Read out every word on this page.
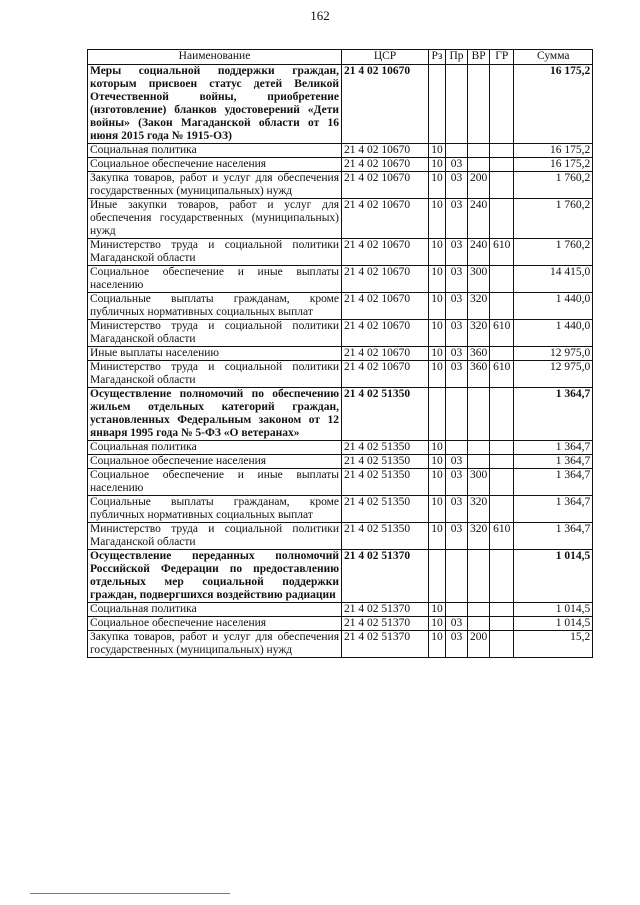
162
Наименование	ЦСР	Рз	Пр	ВР	ГР	Сумма
Меры социальной поддержки граждан, которым присвоен статус детей Великой Отечественной войны, приобретение (изготовление) бланков удостоверений «Дети войны» (Закон Магаданской области от 16 июня 2015 года № 1915-ОЗ)	21 4 02 10670					16 175,2
Социальная политика	21 4 02 10670	10				16 175,2
Социальное обеспечение населения	21 4 02 10670	10	03			16 175,2
Закупка товаров, работ и услуг для обеспечения государственных (муниципальных) нужд	21 4 02 10670	10	03	200		1 760,2
Иные закупки товаров, работ и услуг для обеспечения государственных (муниципальных) нужд	21 4 02 10670	10	03	240		1 760,2
Министерство труда и социальной политики Магаданской области	21 4 02 10670	10	03	240	610	1 760,2
Социальное обеспечение и иные выплаты населению	21 4 02 10670	10	03	300		14 415,0
Социальные выплаты гражданам, кроме публичных нормативных социальных выплат	21 4 02 10670	10	03	320		1 440,0
Министерство труда и социальной политики Магаданской области	21 4 02 10670	10	03	320	610	1 440,0
Иные выплаты населению	21 4 02 10670	10	03	360		12 975,0
Министерство труда и социальной политики Магаданской области	21 4 02 10670	10	03	360	610	12 975,0
Осуществление полномочий по обеспечению жильем отдельных категорий граждан, установленных Федеральным законом от 12 января 1995 года № 5-ФЗ «О ветеранах»	21 4 02 51350					1 364,7
Социальная политика	21 4 02 51350	10				1 364,7
Социальное обеспечение населения	21 4 02 51350	10	03			1 364,7
Социальное обеспечение и иные выплаты населению	21 4 02 51350	10	03	300		1 364,7
Социальные выплаты гражданам, кроме публичных нормативных социальных выплат	21 4 02 51350	10	03	320		1 364,7
Министерство труда и социальной политики Магаданской области	21 4 02 51350	10	03	320	610	1 364,7
Осуществление переданных полномочий Российской Федерации по предоставлению отдельных мер социальной поддержки граждан, подвергшихся воздействию радиации	21 4 02 51370					1 014,5
Социальная политика	21 4 02 51370	10				1 014,5
Социальное обеспечение населения	21 4 02 51370	10	03			1 014,5
Закупка товаров, работ и услуг для обеспечения государственных (муниципальных) нужд	21 4 02 51370	10	03	200		15,2
